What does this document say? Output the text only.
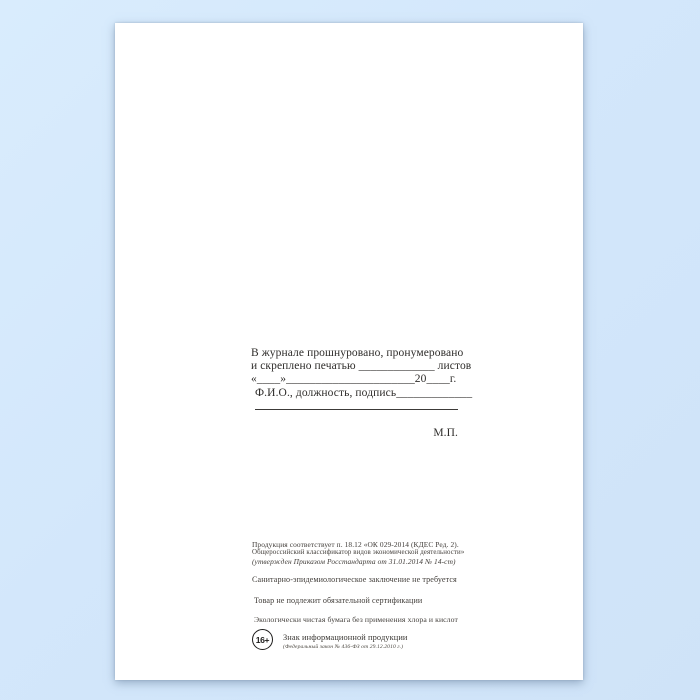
В журнале прошнуровано, пронумеровано
и скреплено печатью _____________ листов
«____»______________________20____г.
Ф.И.О., должность, подпись_____________
М.П.
Продукция соответствует п. 18.12 «ОК 029-2014 (КДЕС Ред. 2).
Общероссийский классификатор видов экономической деятельности»
(утвержден Приказом Росстандарта от 31.01.2014 № 14-ст)
Санитарно-эпидемиологическое заключение не требуется
Товар не подлежит обязательной сертификации
Экологически чистая бумага без применения хлора и кислот
16+ Знак информационной продукции
(Федеральный закон № 436-ФЗ от 29.12.2010 г.)
